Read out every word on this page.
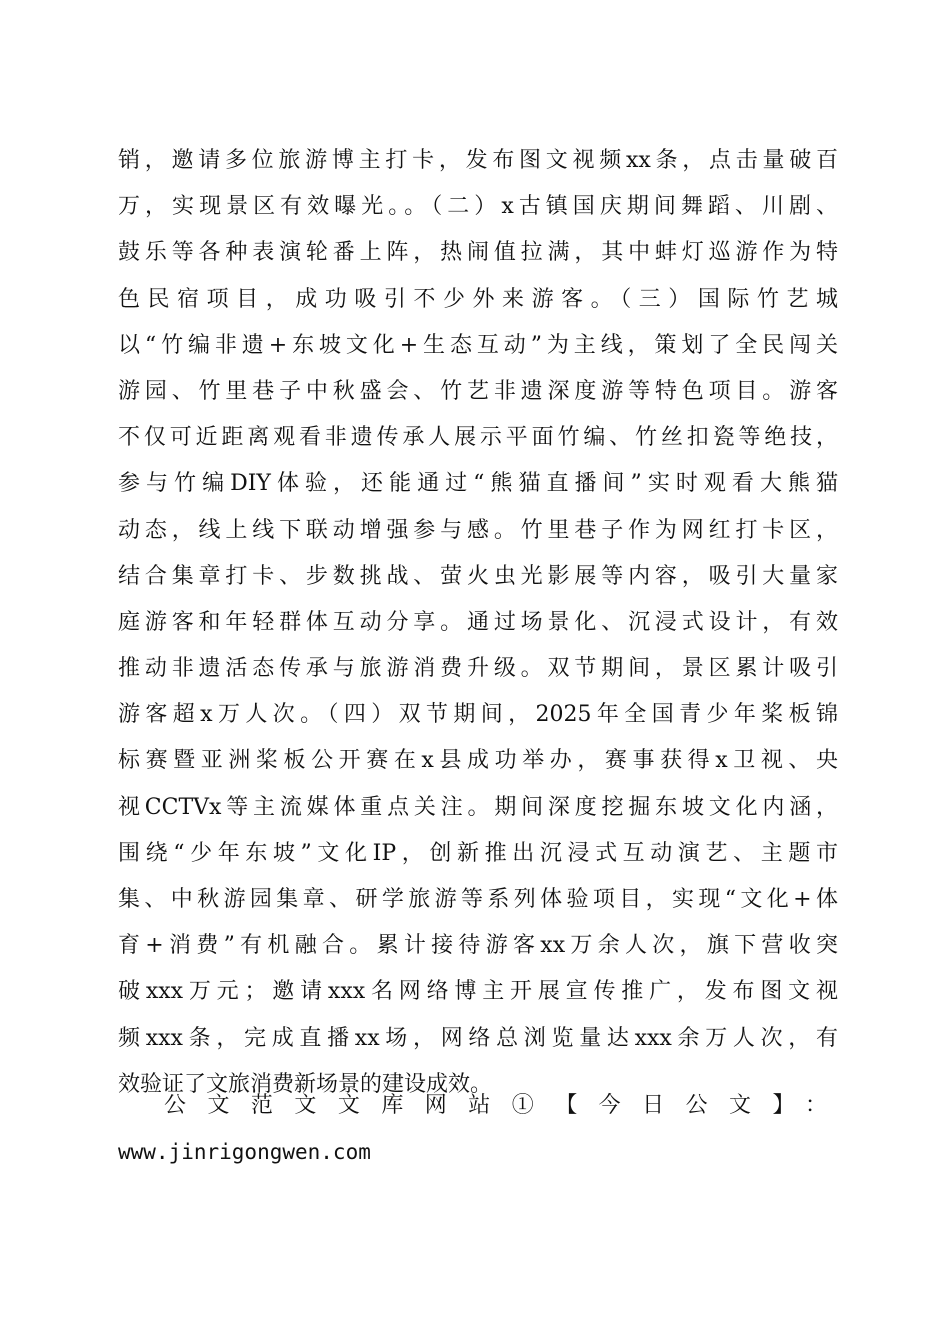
销，邀请多位旅游博主打卡，发布图文视频xx条，点击量破百
万，实现景区有效曝光。。（二）x古镇国庆期间舞蹈、川剧、
鼓乐等各种表演轮番上阵，热闹值拉满，其中蚌灯巡游作为特
色民宿项目，成功吸引不少外来游客。（三）国际竹艺城
以“竹编非遗+东坡文化+生态互动”为主线，策划了全民闯关
游园、竹里巷子中秋盛会、竹艺非遗深度游等特色项目。游客
不仅可近距离观看非遗传承人展示平面竹编、竹丝扣瓷等绝技，
参与竹编DIY体验，还能通过“熊猫直播间”实时观看大熊猫
动态，线上线下联动增强参与感。竹里巷子作为网红打卡区，
结合集章打卡、步数挑战、萤火虫光影展等内容，吸引大量家
庭游客和年轻群体互动分享。通过场景化、沉浸式设计，有效
推动非遗活态传承与旅游消费升级。双节期间，景区累计吸引
游客超x万人次。（四）双节期间，2025年全国青少年桨板锦
标赛暨亚洲桨板公开赛在x县成功举办，赛事获得x卫视、央
视CCTVx等主流媒体重点关注。期间深度挖掘东坡文化内涵，
围绕“少年东坡”文化IP，创新推出沉浸式互动演艺、主题市
集、中秋游园集章、研学旅游等系列体验项目，实现“文化+体
育+消费”有机融合。累计接待游客xx万余人次，旗下营收突
破xxx万元；邀请xxx名网络博主开展宣传推广，发布图文视
频xxx条，完成直播xx场，网络总浏览量达xxx余万人次，有
效验证了文旅消费新场景的建设成效。
公文范文文库网站①【今日公文】：
www.jinrigongwen.com
